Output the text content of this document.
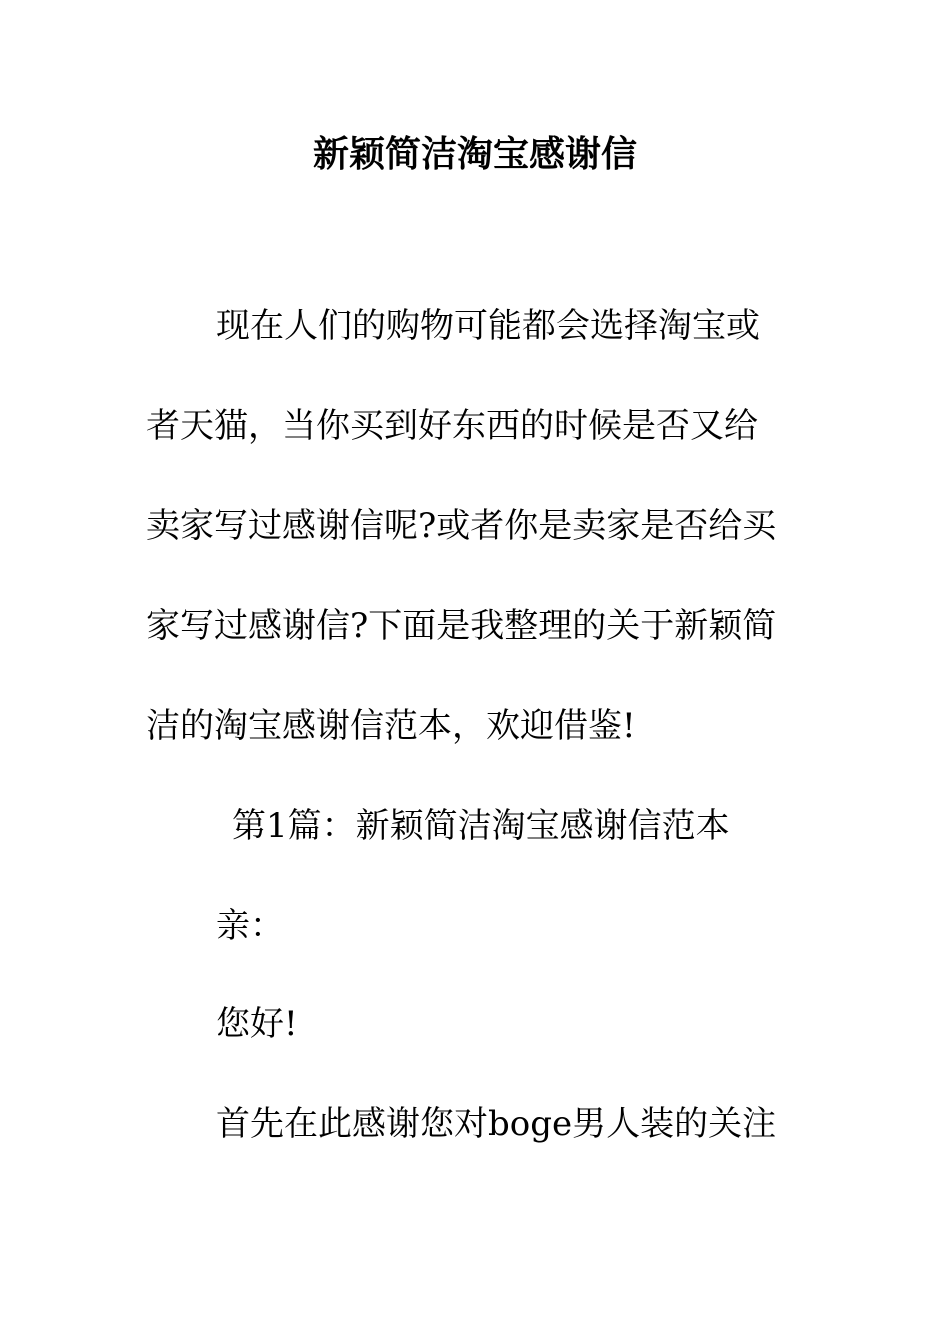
新颖简洁淘宝感谢信
现在人们的购物可能都会选择淘宝或
者天猫，当你买到好东西的时候是否又给
卖家写过感谢信呢?或者你是卖家是否给买
家写过感谢信?下面是我整理的关于新颖简
洁的淘宝感谢信范本，欢迎借鉴!
第1篇：新颖简洁淘宝感谢信范本
亲：
您好!
首先在此感谢您对boge男人装的关注
